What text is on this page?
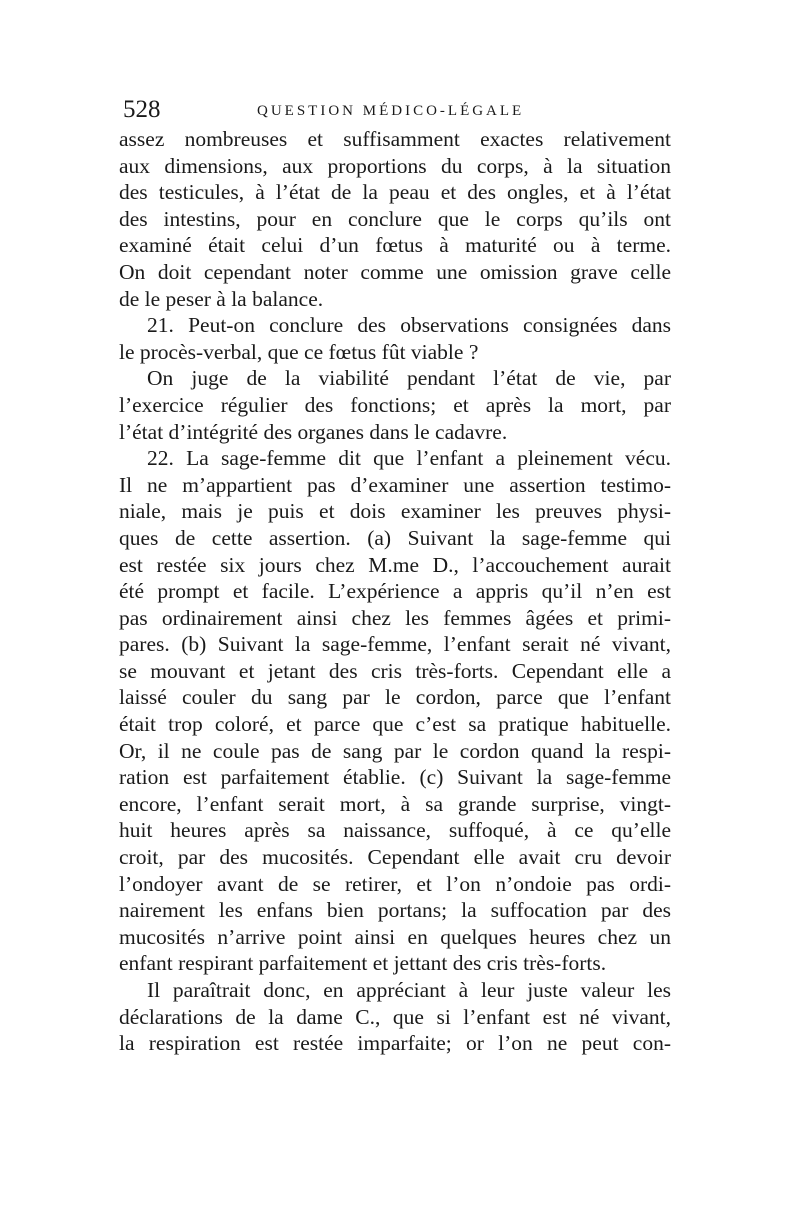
528	QUESTION MÉDICO-LÉGALE
assez nombreuses et suffisamment exactes relativement
aux dimensions, aux proportions du corps, à la situation
des testicules, à l’état de la peau et des ongles, et à l’état
des intestins, pour en conclure que le corps qu’ils ont
examiné était celui d’un fœtus à maturité ou à terme.
On doit cependant noter comme une omission grave celle
de le peser à la balance.
21. Peut-on conclure des observations consignées dans
le procès-verbal, que ce fœtus fût viable ?
On juge de la viabilité pendant l’état de vie, par
l’exercice régulier des fonctions; et après la mort, par
l’état d’intégrité des organes dans le cadavre.
22. La sage-femme dit que l’enfant a pleinement vécu.
Il ne m’appartient pas d’examiner une assertion testimo-
niale, mais je puis et dois examiner les preuves physi-
ques de cette assertion. (a) Suivant la sage-femme qui
est restée six jours chez M.me D., l’accouchement aurait
été prompt et facile. L’expérience a appris qu’il n’en est
pas ordinairement ainsi chez les femmes âgées et primi-
pares. (b) Suivant la sage-femme, l’enfant serait né vivant,
se mouvant et jetant des cris très-forts. Cependant elle a
laissé couler du sang par le cordon, parce que l’enfant
était trop coloré, et parce que c’est sa pratique habituelle.
Or, il ne coule pas de sang par le cordon quand la respi-
ration est parfaitement établie. (c) Suivant la sage-femme
encore, l’enfant serait mort, à sa grande surprise, vingt-
huit heures après sa naissance, suffoqué, à ce qu’elle
croit, par des mucosités. Cependant elle avait cru devoir
l’ondoyer avant de se retirer, et l’on n’ondoie pas ordi-
nairement les enfans bien portans; la suffocation par des
mucosités n’arrive point ainsi en quelques heures chez un
enfant respirant parfaitement et jettant des cris très-forts.
Il paraîtrait donc, en appréciant à leur juste valeur les
déclarations de la dame C., que si l’enfant est né vivant,
la respiration est restée imparfaite; or l’on ne peut con-
